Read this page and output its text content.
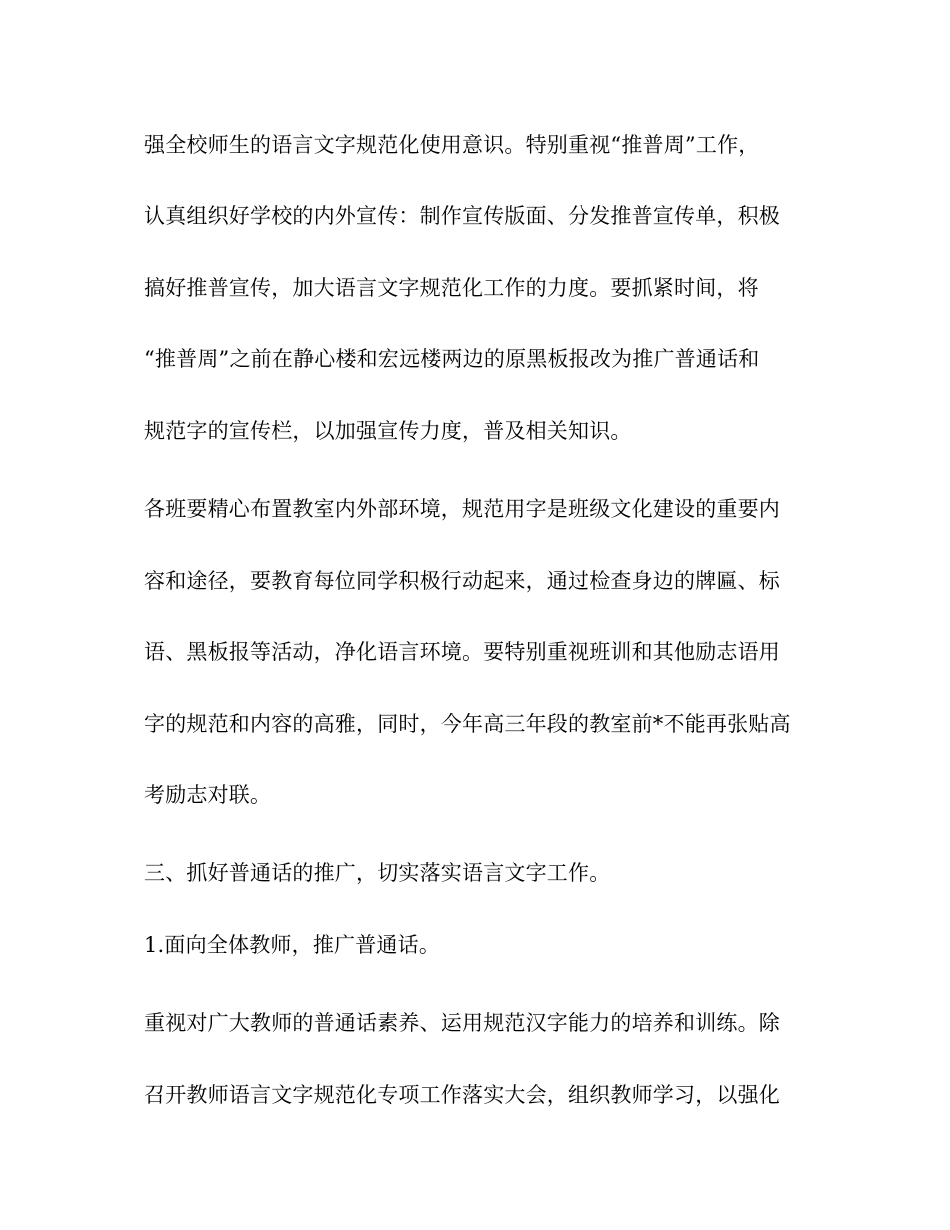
强全校师生的语言文字规范化使用意识。特别重视“推普周”工作，
认真组织好学校的内外宣传：制作宣传版面、分发推普宣传单，积极
搞好推普宣传，加大语言文字规范化工作的力度。要抓紧时间，将
“推普周”之前在静心楼和宏远楼两边的原黑板报改为推广普通话和
规范字的宣传栏，以加强宣传力度，普及相关知识。
各班要精心布置教室内外部环境，规范用字是班级文化建设的重要内
容和途径，要教育每位同学积极行动起来，通过检查身边的牌匾、标
语、黑板报等活动，净化语言环境。要特别重视班训和其他励志语用
字的规范和内容的高雅，同时，今年高三年段的教室前*不能再张贴高
考励志对联。
三、抓好普通话的推广，切实落实语言文字工作。
1.面向全体教师，推广普通话。
重视对广大教师的普通话素养、运用规范汉字能力的培养和训练。除
召开教师语言文字规范化专项工作落实大会，组织教师学习，以强化
